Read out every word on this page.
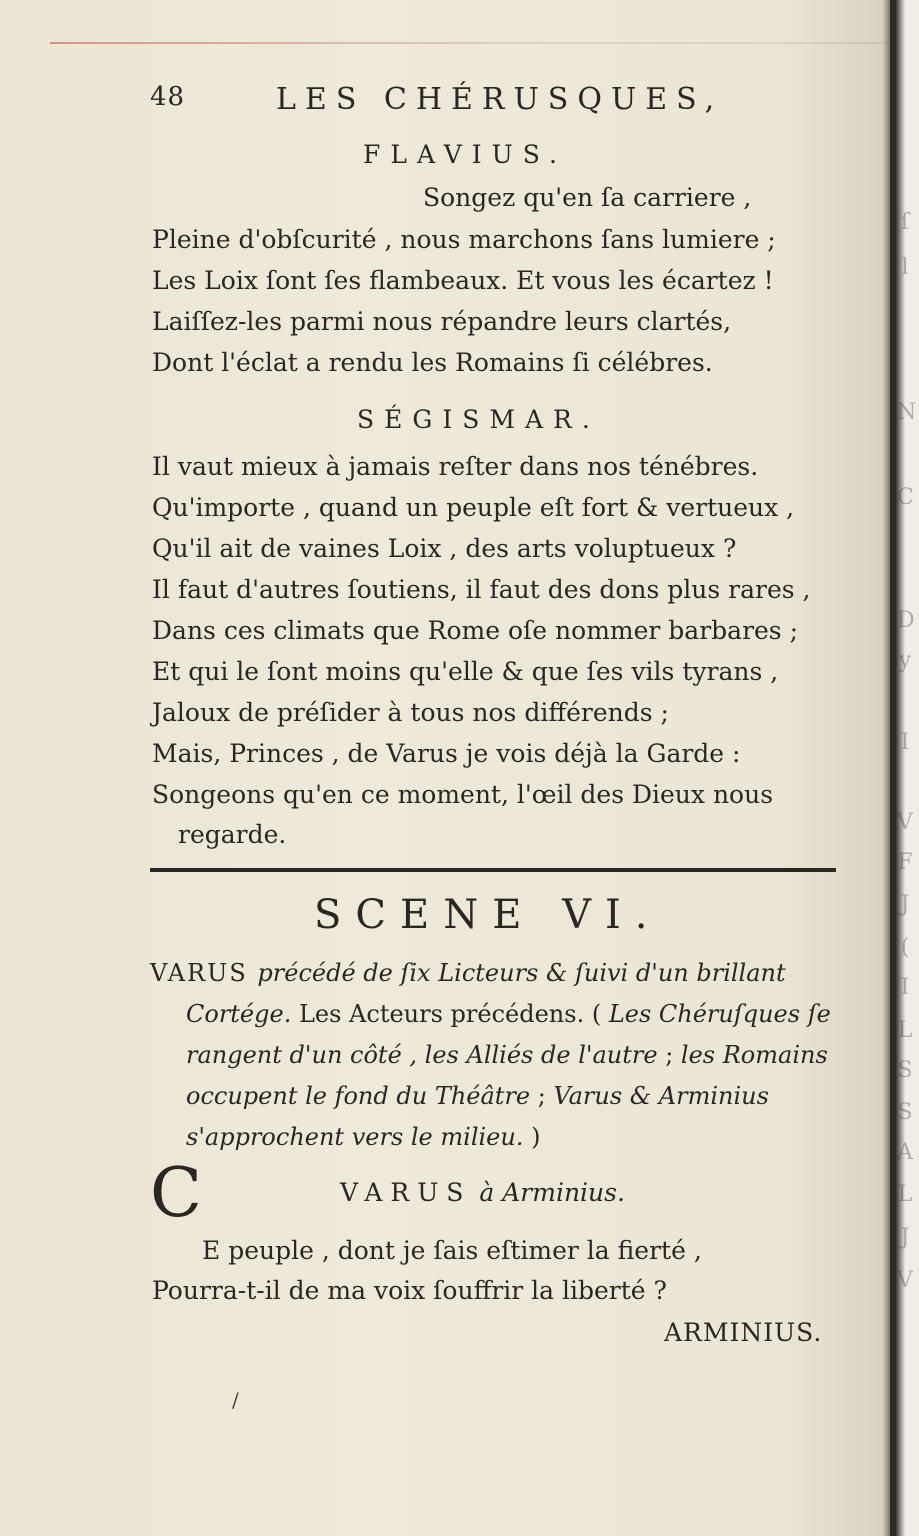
48	LES CHÉRUSQUES,
FLAVIUS.
Songez qu'en ſa carriere ,
Pleine d'obſcurité , nous marchons ſans lumiere ;
Les Loix ſont ſes flambeaux. Et vous les écartez !
Laiſſez-les parmi nous répandre leurs clartés,
Dont l'éclat a rendu les Romains ſi célébres.
SÉGISMAR.
Il vaut mieux à jamais reſter dans nos ténébres.
Qu'importe , quand un peuple eſt fort & vertueux ,
Qu'il ait de vaines Loix , des arts voluptueux ?
Il faut d'autres ſoutiens, il faut des dons plus rares ,
Dans ces climats que Rome oſe nommer barbares ;
Et qui le ſont moins qu'elle & que ſes vils tyrans ,
Jaloux de préſider à tous nos différends ;
Mais, Princes , de Varus je vois déjà la Garde :
Songeons qu'en ce moment, l'œil des Dieux nous
regarde.
SCENE VI.
VARUS précédé de ſix Licteurs & ſuivi d'un brillant
Cortége. Les Acteurs précédens. ( Les Chéruſques ſe
rangent d'un côté , les Alliés de l'autre ; les Romains
occupent le fond du Théâtre ; Varus & Arminius
s'approchent vers le milieu. )
VARUS à Arminius.
C
E peuple , dont je ſais eſtimer la fierté ,
Pourra-t-il de ma voix ſouffrir la liberté ?
ARMINIUS.
/
ſ
l
N
C
D
y
I
V
F
J
(
I
L
S
S
A
L
J
V
